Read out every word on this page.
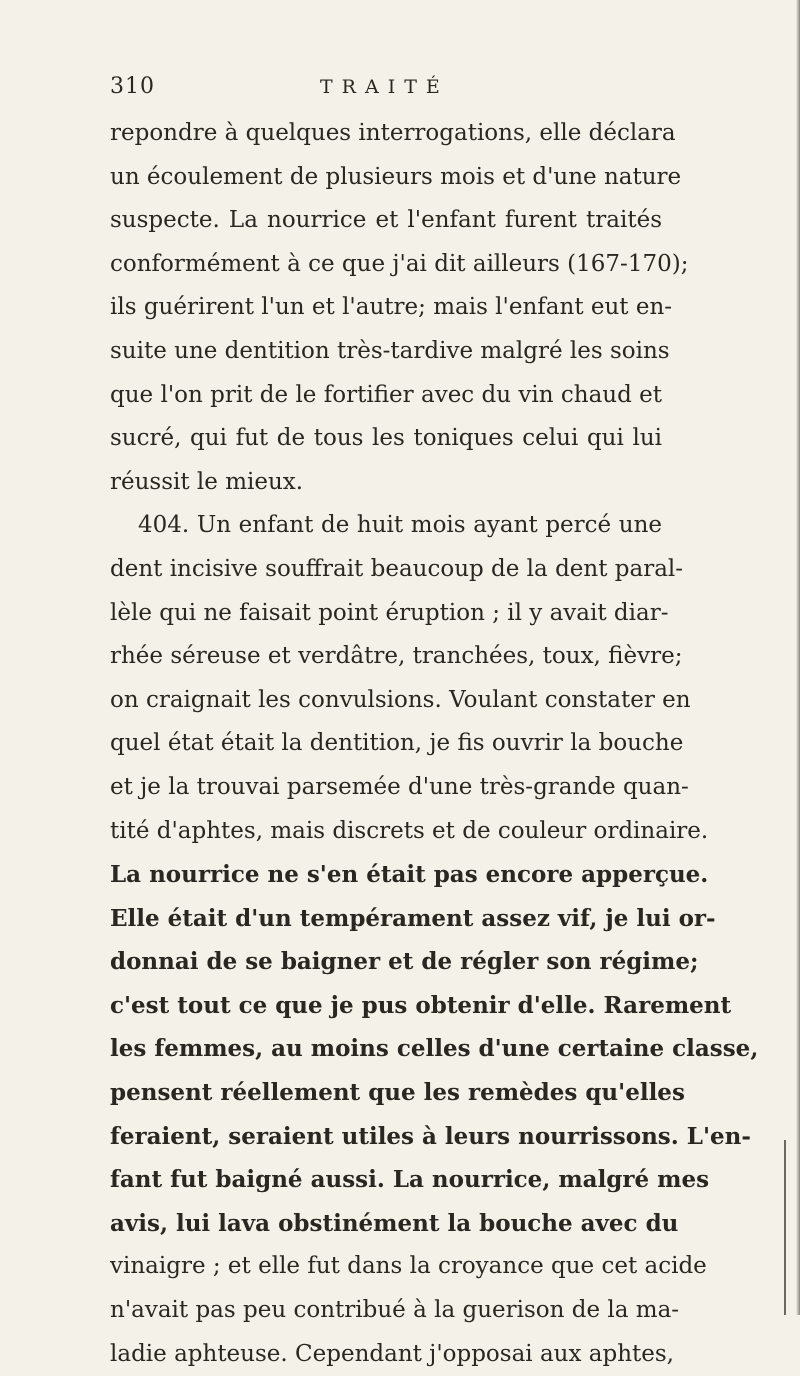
310	TRAITÉ
repondre à quelques interrogations, elle déclara
un écoulement de plusieurs mois et d'une nature
suspecte. La nourrice et l'enfant furent traités
conformément à ce que j'ai dit ailleurs (167-170);
ils guérirent l'un et l'autre; mais l'enfant eut en-
suite une dentition très-tardive malgré les soins
que l'on prit de le fortifier avec du vin chaud et
sucré, qui fut de tous les toniques celui qui lui
réussit le mieux.
404. Un enfant de huit mois ayant percé une
dent incisive souffrait beaucoup de la dent paral-
lèle qui ne faisait point éruption ; il y avait diar-
rhée séreuse et verdâtre, tranchées, toux, fièvre;
on craignait les convulsions. Voulant constater en
quel état était la dentition, je fis ouvrir la bouche
et je la trouvai parsemée d'une très-grande quan-
tité d'aphtes, mais discrets et de couleur ordinaire.
La nourrice ne s'en était pas encore apperçue.
Elle était d'un tempérament assez vif, je lui or-
donnai de se baigner et de régler son régime;
c'est tout ce que je pus obtenir d'elle. Rarement
les femmes, au moins celles d'une certaine classe,
pensent réellement que les remèdes qu'elles
feraient, seraient utiles à leurs nourrissons. L'en-
fant fut baigné aussi. La nourrice, malgré mes
avis, lui lava obstinément la bouche avec du
vinaigre ; et elle fut dans la croyance que cet acide
n'avait pas peu contribué à la guerison de la ma-
ladie aphteuse. Cependant j'opposai aux aphtes,
